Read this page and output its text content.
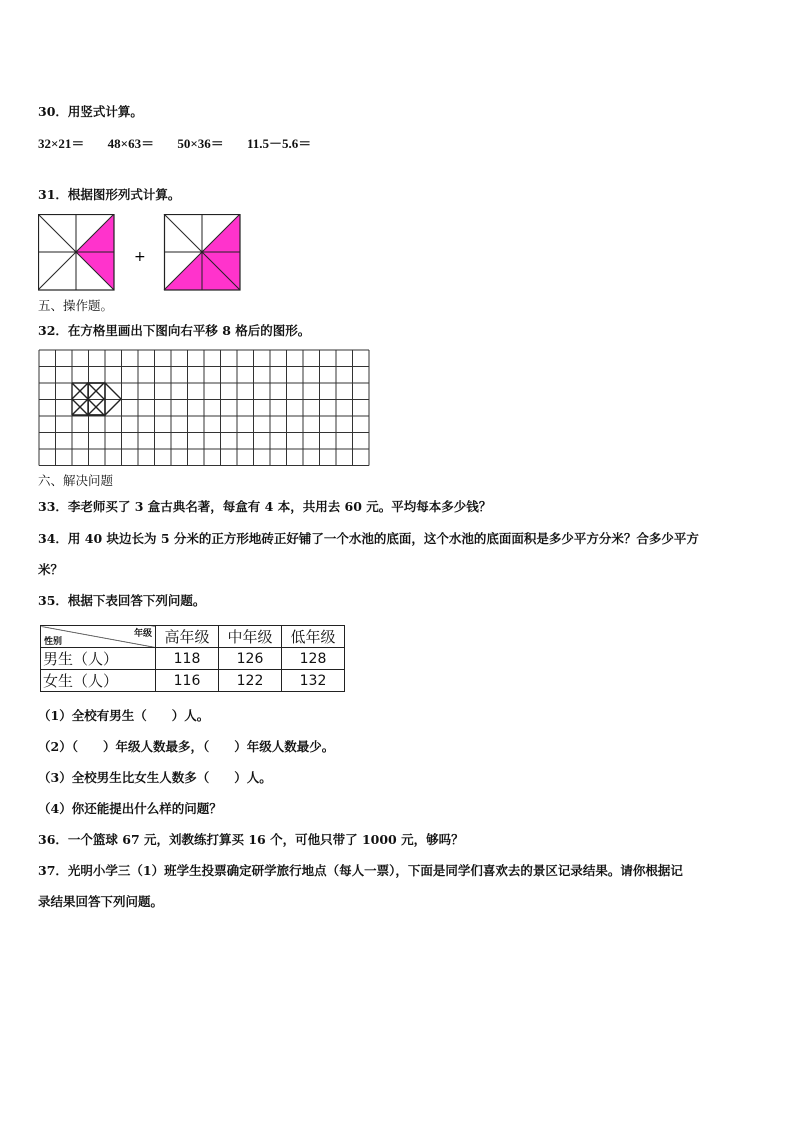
30．用竖式计算。
32×21＝ 48×63＝ 50×36＝ 11.5－5.6＝
31．根据图形列式计算。
+
五、操作题。
32．在方格里画出下图向右平移 8 格后的图形。
六、解决问题
33．李老师买了 3 盒古典名著，每盒有 4 本，共用去 60 元。平均每本多少钱？
34．用 40 块边长为 5 分米的正方形地砖正好铺了一个水池的底面，这个水池的底面面积是多少平方分米？合多少平方
米？
35．根据下表回答下列问题。
年级
性别	高年级	中年级	低年级
男生（人）	118	126	128
女生（人）	116	122	132
（1）全校有男生（　　）人。
（2）（　　）年级人数最多，（　　）年级人数最少。
（3）全校男生比女生人数多（　　）人。
（4）你还能提出什么样的问题？
36．一个篮球 67 元，刘教练打算买 16 个，可他只带了 1000 元，够吗？
37．光明小学三（1）班学生投票确定研学旅行地点（每人一票），下面是同学们喜欢去的景区记录结果。请你根据记
录结果回答下列问题。
